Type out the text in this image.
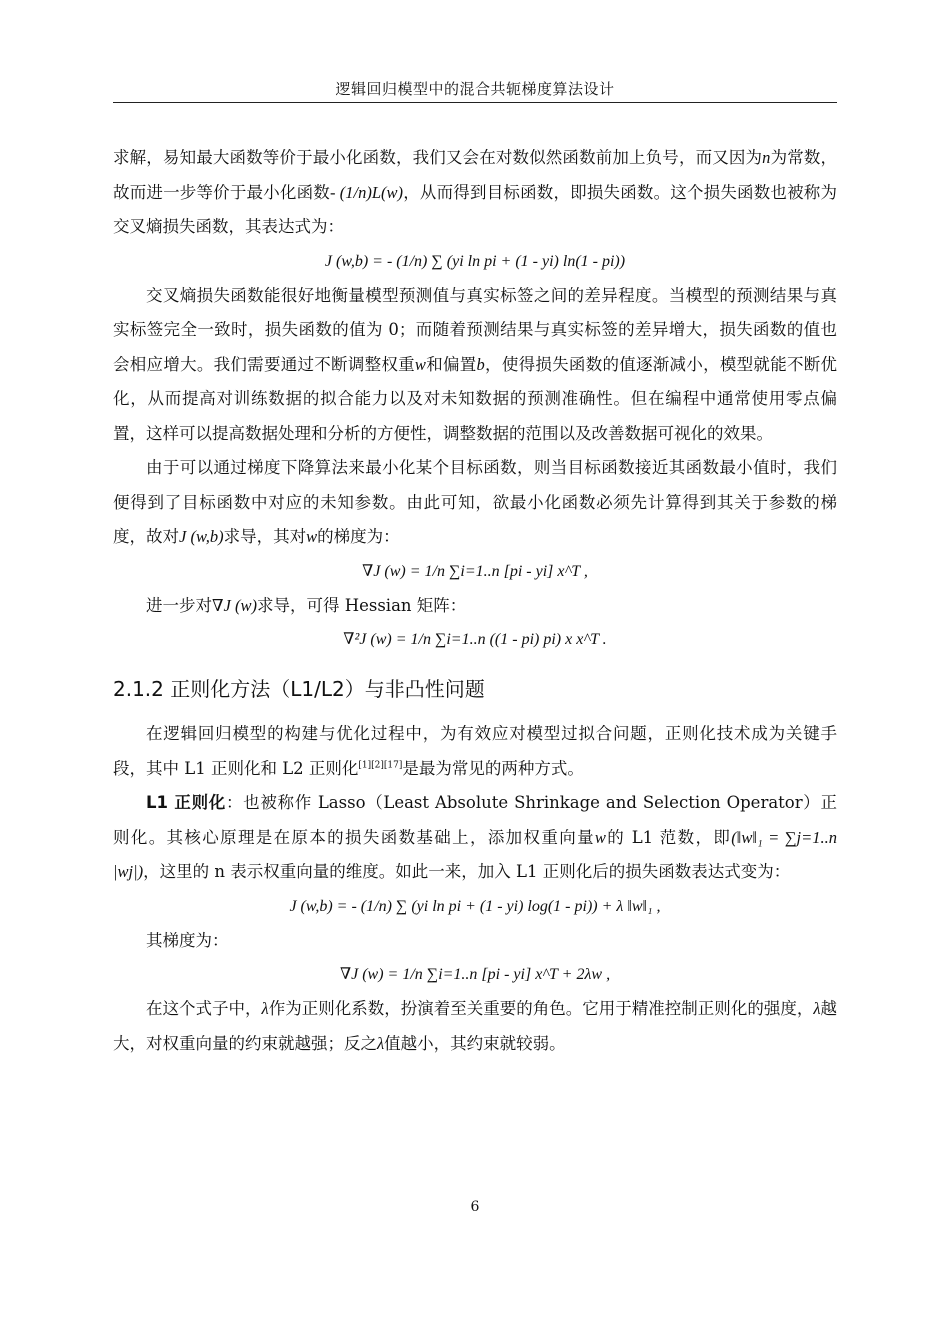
逻辑回归模型中的混合共轭梯度算法设计

求解，易知最大函数等价于最小化函数，我们又会在对数似然函数前加上负号，而又因为n为常数，故而进一步等价于最小化函数- (1/n)L(w)，从而得到目标函数，即损失函数。这个损失函数也被称为交叉熵损失函数，其表达式为：

J (w,b) = - (1/n) ∑ (yi ln pi + (1 - yi) ln(1 - pi))

交叉熵损失函数能很好地衡量模型预测值与真实标签之间的差异程度。当模型的预测结果与真实标签完全一致时，损失函数的值为 0；而随着预测结果与真实标签的差异增大，损失函数的值也会相应增大。我们需要通过不断调整权重w和偏置b，使得损失函数的值逐渐减小，模型就能不断优化，从而提高对训练数据的拟合能力以及对未知数据的预测准确性。但在编程中通常使用零点偏置，这样可以提高数据处理和分析的方便性，调整数据的范围以及改善数据可视化的效果。

由于可以通过梯度下降算法来最小化某个目标函数，则当目标函数接近其函数最小值时，我们便得到了目标函数中对应的未知参数。由此可知，欲最小化函数必须先计算得到其关于参数的梯度，故对J (w,b)求导，其对w的梯度为：

∇J (w) = 1/n ∑i=1..n [pi - yi] x^T ,

进一步对∇J (w)求导，可得 Hessian 矩阵：

∇²J (w) = 1/n ∑i=1..n ((1 - pi) pi) x x^T .

2.1.2 正则化方法（L1/L2）与非凸性问题

在逻辑回归模型的构建与优化过程中，为有效应对模型过拟合问题，正则化技术成为关键手段，其中 L1 正则化和 L2 正则化[1][2][17]是最为常见的两种方式。

L1 正则化：也被称作 Lasso（Least Absolute Shrinkage and Selection Operator）正则化。其核心原理是在原本的损失函数基础上，添加权重向量w的 L1 范数，即(‖w‖₁ = ∑j=1..n |wj|)，这里的 n 表示权重向量的维度。如此一来，加入 L1 正则化后的损失函数表达式变为：

J (w,b) = - (1/n) ∑ (yi ln pi + (1 - yi) log(1 - pi)) + λ ‖w‖₁ ,

其梯度为：

∇J (w) = 1/n ∑i=1..n [pi - yi] x^T + 2λw ,

在这个式子中，λ作为正则化系数，扮演着至关重要的角色。它用于精准控制正则化的强度，λ越大，对权重向量的约束就越强；反之λ值越小，其约束就较弱。

6
